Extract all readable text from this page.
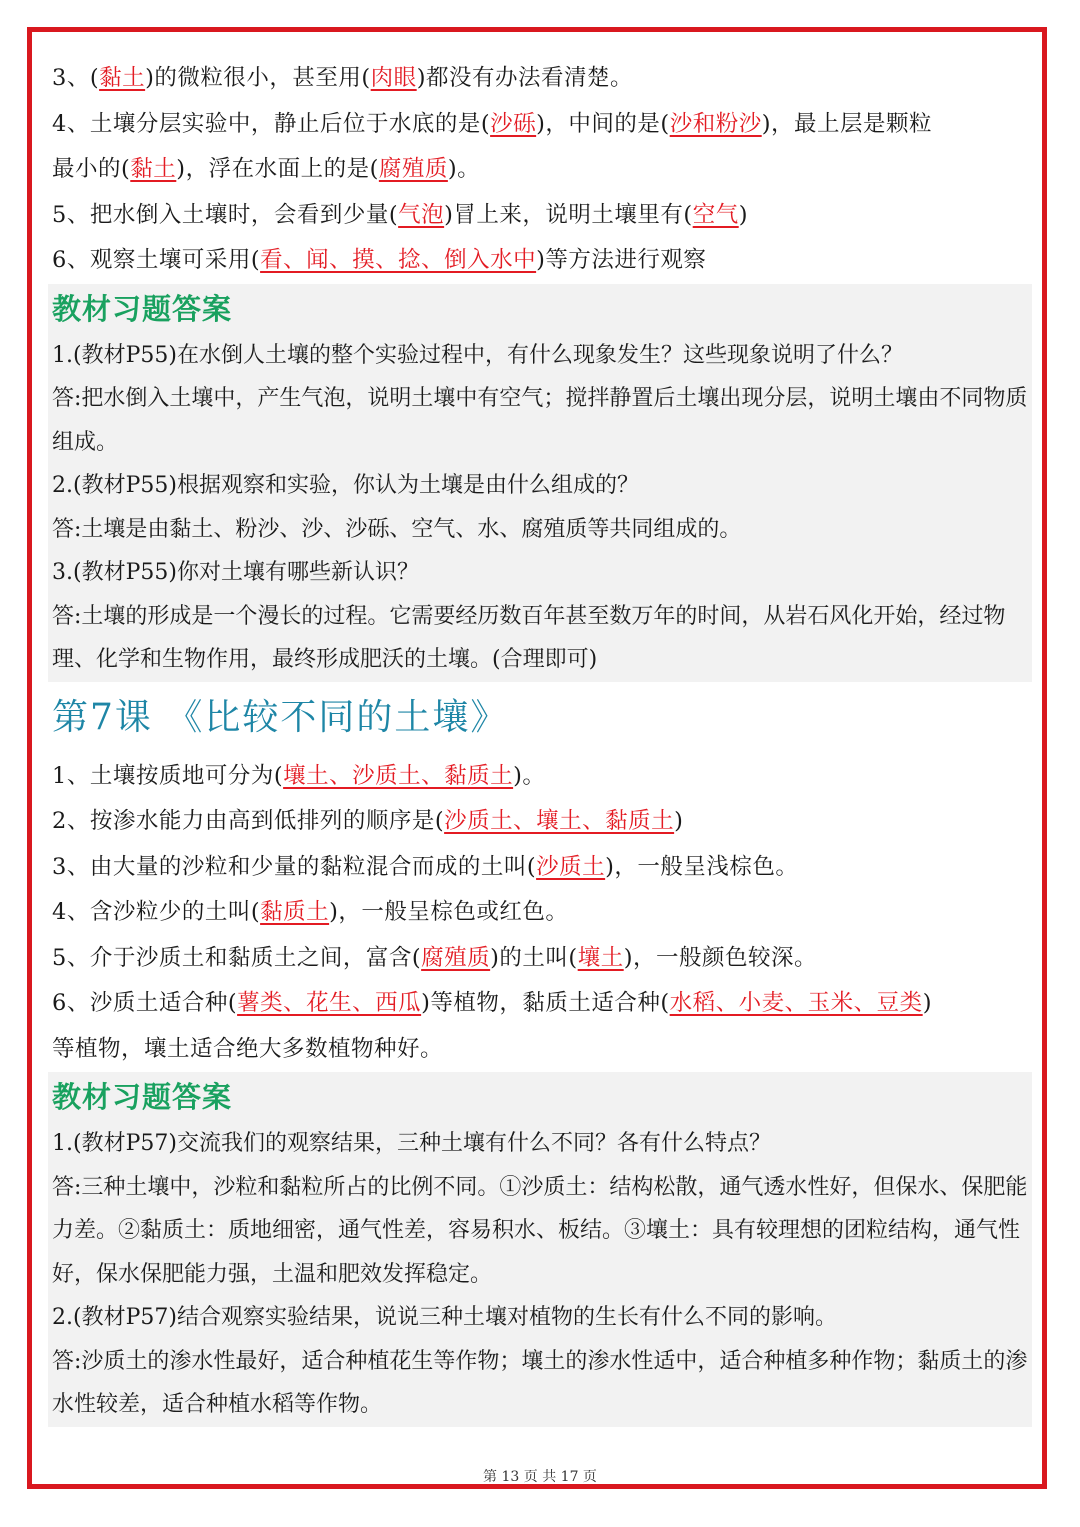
3、(黏土)的微粒很小，甚至用(肉眼)都没有办法看清楚。
4、土壤分层实验中，静止后位于水底的是(沙砾)，中间的是(沙和粉沙)，最上层是颗粒
最小的(黏土)，浮在水面上的是(腐殖质)。
5、把水倒入土壤时，会看到少量(气泡)冒上来，说明土壤里有(空气)
6、观察土壤可采用(看、闻、摸、捻、倒入水中)等方法进行观察
教材习题答案
1.(教材P55)在水倒人土壤的整个实验过程中，有什么现象发生？这些现象说明了什么？
答:把水倒入土壤中，产生气泡，说明土壤中有空气；搅拌静置后土壤出现分层，说明土壤由不同物质组成。
2.(教材P55)根据观察和实验，你认为土壤是由什么组成的？
答:土壤是由黏土、粉沙、沙、沙砾、空气、水、腐殖质等共同组成的。
3.(教材P55)你对土壤有哪些新认识？
答:土壤的形成是一个漫长的过程。它需要经历数百年甚至数万年的时间，从岩石风化开始，经过物理、化学和生物作用，最终形成肥沃的土壤。(合理即可)
第7课 《比较不同的土壤》
1、土壤按质地可分为(壤土、沙质土、黏质土)。
2、按渗水能力由高到低排列的顺序是(沙质土、壤土、黏质土)
3、由大量的沙粒和少量的黏粒混合而成的土叫(沙质土)，一般呈浅棕色。
4、含沙粒少的土叫(黏质土)，一般呈棕色或红色。
5、介于沙质土和黏质土之间，富含(腐殖质)的土叫(壤土)，一般颜色较深。
6、沙质土适合种(薯类、花生、西瓜)等植物，黏质土适合种(水稻、小麦、玉米、豆类)
等植物，壤土适合绝大多数植物种好。
教材习题答案
1.(教材P57)交流我们的观察结果，三种土壤有什么不同？各有什么特点？
答:三种土壤中，沙粒和黏粒所占的比例不同。①沙质土：结构松散，通气透水性好，但保水、保肥能力差。②黏质土：质地细密，通气性差，容易积水、板结。③壤土：具有较理想的团粒结构，通气性好，保水保肥能力强，土温和肥效发挥稳定。
2.(教材P57)结合观察实验结果，说说三种土壤对植物的生长有什么不同的影响。
答:沙质土的渗水性最好，适合种植花生等作物；壤土的渗水性适中，适合种植多种作物；黏质土的渗水性较差，适合种植水稻等作物。
第 13 页 共 17 页
